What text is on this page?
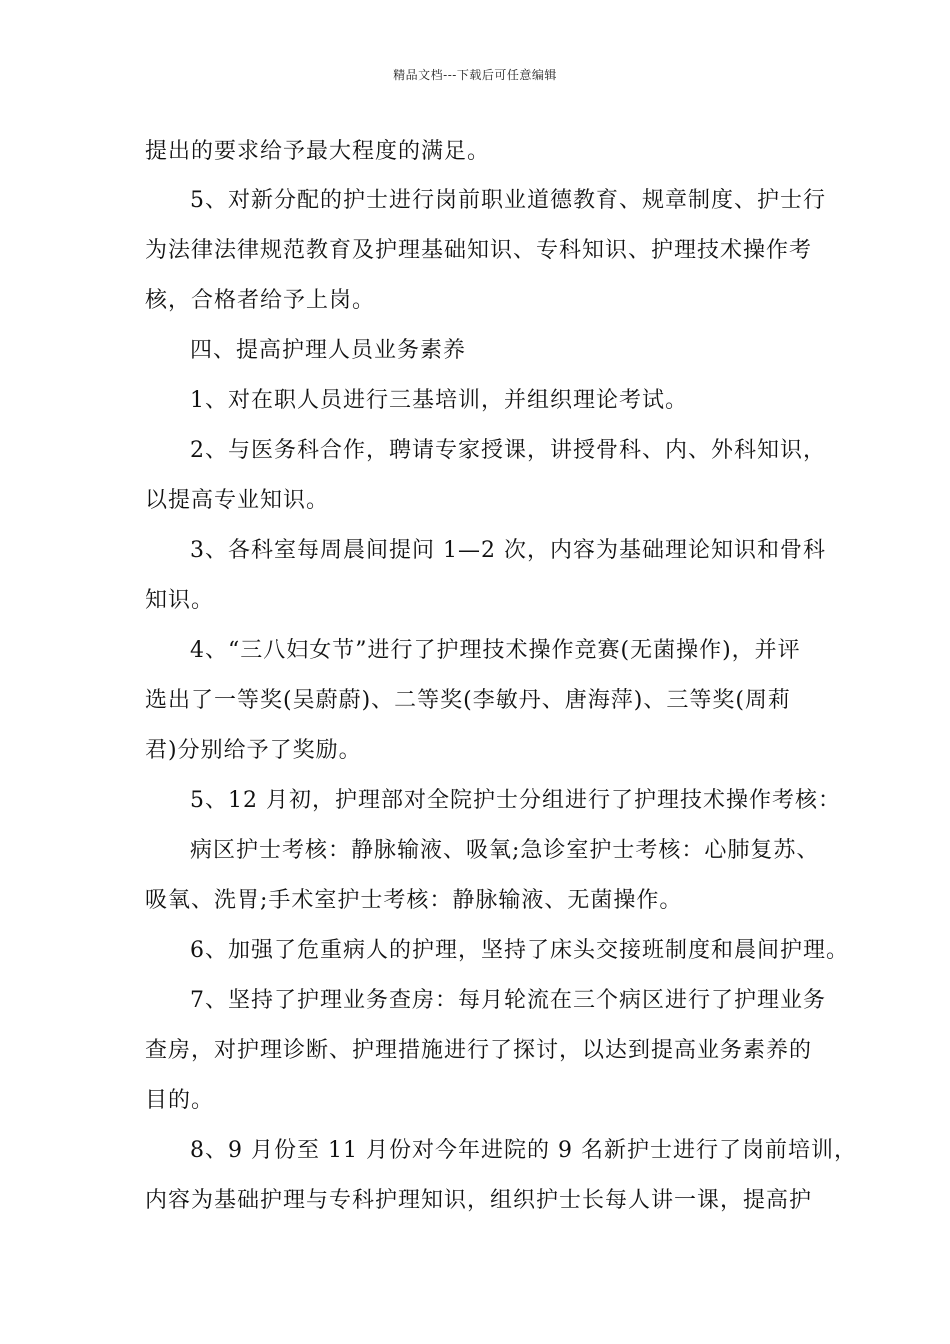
精品文档---下载后可任意编辑
提出的要求给予最大程度的满足。
5、对新分配的护士进行岗前职业道德教育、规章制度、护士行
为法律法律规范教育及护理基础知识、专科知识、护理技术操作考
核，合格者给予上岗。
四、提高护理人员业务素养
1、对在职人员进行三基培训，并组织理论考试。
2、与医务科合作，聘请专家授课，讲授骨科、内、外科知识，
以提高专业知识。
3、各科室每周晨间提问 1—2 次，内容为基础理论知识和骨科
知识。
4、“三八妇女节”进行了护理技术操作竞赛(无菌操作)，并评
选出了一等奖(吴蔚蔚)、二等奖(李敏丹、唐海萍)、三等奖(周莉
君)分别给予了奖励。
5、12 月初，护理部对全院护士分组进行了护理技术操作考核：
病区护士考核：静脉输液、吸氧;急诊室护士考核：心肺复苏、
吸氧、洗胃;手术室护士考核：静脉输液、无菌操作。
6、加强了危重病人的护理，坚持了床头交接班制度和晨间护理。
7、坚持了护理业务查房：每月轮流在三个病区进行了护理业务
查房，对护理诊断、护理措施进行了探讨，以达到提高业务素养的
目的。
8、9 月份至 11 月份对今年进院的 9 名新护士进行了岗前培训，
内容为基础护理与专科护理知识，组织护士长每人讲一课，提高护
